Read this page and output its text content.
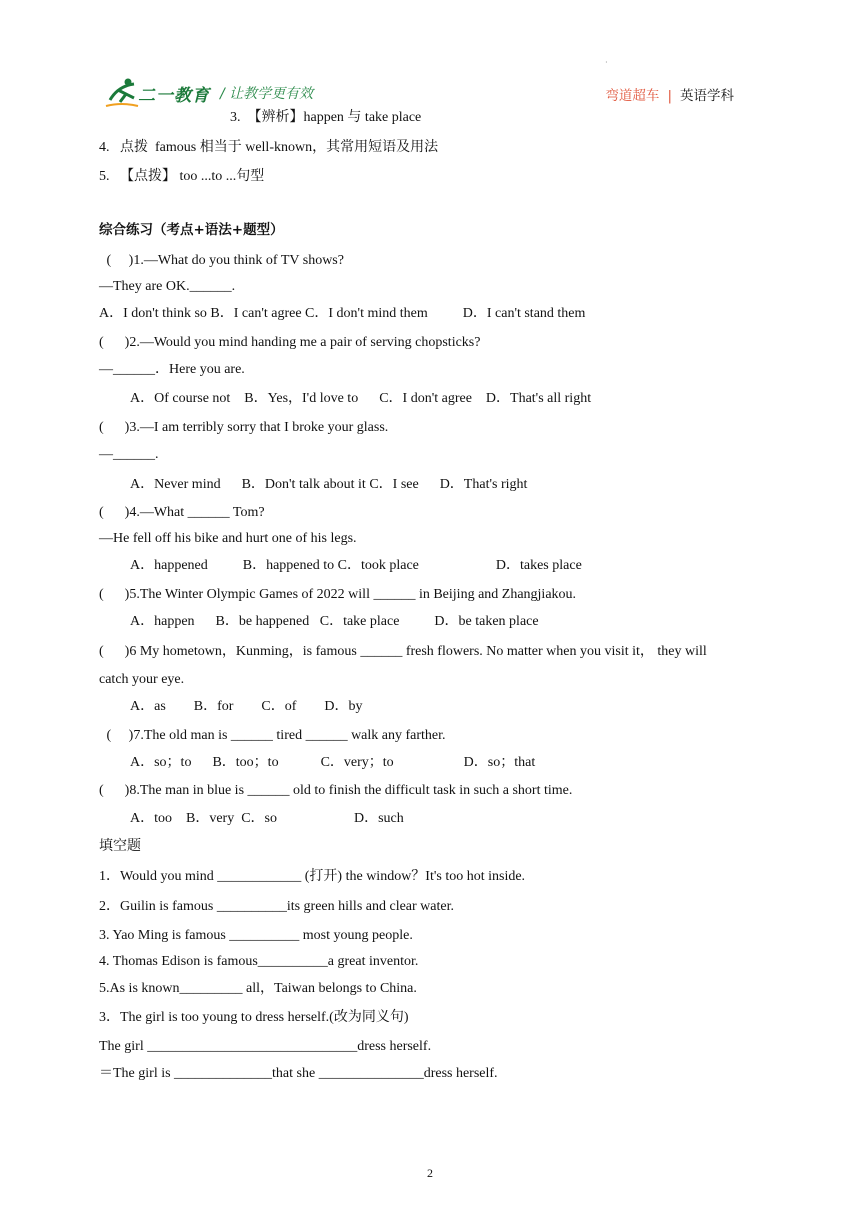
二一教育 / 让教学更有效	弯道超车 | 英语学科
·
3.  【辨析】happen 与 take place
4.   点拨  famous 相当于 well-known，其常用短语及用法
5.   【点拨】 too ...to ...句型
综合练习（考点+语法+题型）
(     )1.—What do you think of TV shows?
—They are OK.______.
A．I don't think so B．I can't agree C．I don't mind them          D．I can't stand them
(      )2.—Would you mind handing me a pair of serving chopsticks?
—______．Here you are.
A．Of course not    B．Yes，I'd love to      C．I don't agree    D．That's all right
(      )3.—I am terribly sorry that I broke your glass.
—______.
A．Never mind      B．Don't talk about it C．I see      D．That's right
(      )4.—What ______ Tom?
—He fell off his bike and hurt one of his legs.
A．happened          B．happened to C．took place                      D．takes place
(      )5.The Winter Olympic Games of 2022 will ______ in Beijing and Zhangjiakou.
A．happen      B．be happened   C．take place          D．be taken place
(      )6 My hometown，Kunming，is famous ______ fresh flowers. No matter when you visit it， they will
catch your eye.
A．as        B．for        C．of        D．by
(     )7.The old man is ______ tired ______ walk any farther.
A．so；to      B．too；to            C．very；to                    D．so；that
(      )8.The man in blue is ______ old to finish the difficult task in such a short time.
A．too    B．very  C．so                      D．such
填空题
1．Would you mind ____________ (打开) the window？It's too hot inside.
2．Guilin is famous __________its green hills and clear water.
3. Yao Ming is famous __________ most young people.
4. Thomas Edison is famous__________a great inventor.
5.As is known_________ all，Taiwan belongs to China.
3．The girl is too young to dress herself.(改为同义句)
The girl ______________________________dress herself.
＝The girl is ______________that she _______________dress herself.
2
